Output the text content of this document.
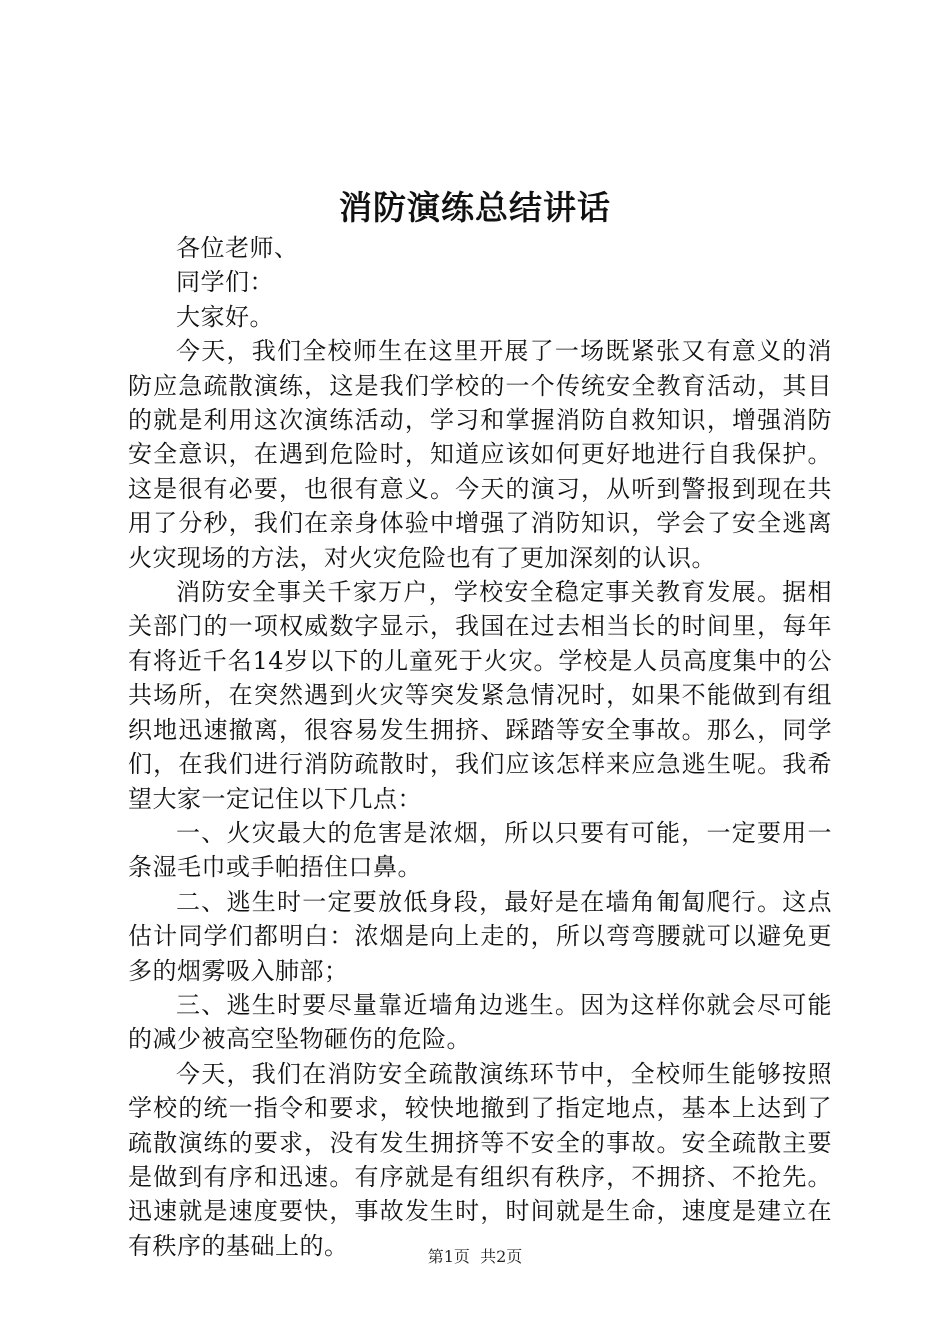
消防演练总结讲话

各位老师、

同学们：

大家好。

今天，我们全校师生在这里开展了一场既紧张又有意义的消防应急疏散演练，这是我们学校的一个传统安全教育活动，其目的就是利用这次演练活动，学习和掌握消防自救知识，增强消防安全意识，在遇到危险时，知道应该如何更好地进行自我保护。这是很有必要，也很有意义。今天的演习，从听到警报到现在共用了分秒，我们在亲身体验中增强了消防知识，学会了安全逃离火灾现场的方法，对火灾危险也有了更加深刻的认识。

消防安全事关千家万户，学校安全稳定事关教育发展。据相关部门的一项权威数字显示，我国在过去相当长的时间里，每年有将近千名14岁以下的儿童死于火灾。学校是人员高度集中的公共场所，在突然遇到火灾等突发紧急情况时，如果不能做到有组织地迅速撤离，很容易发生拥挤、踩踏等安全事故。那么，同学们，在我们进行消防疏散时，我们应该怎样来应急逃生呢。我希望大家一定记住以下几点：

一、火灾最大的危害是浓烟，所以只要有可能，一定要用一条湿毛巾或手帕捂住口鼻。

二、逃生时一定要放低身段，最好是在墙角匍匐爬行。这点估计同学们都明白：浓烟是向上走的，所以弯弯腰就可以避免更多的烟雾吸入肺部；

三、逃生时要尽量靠近墙角边逃生。因为这样你就会尽可能的减少被高空坠物砸伤的危险。

今天，我们在消防安全疏散演练环节中，全校师生能够按照学校的统一指令和要求，较快地撤到了指定地点，基本上达到了疏散演练的要求，没有发生拥挤等不安全的事故。安全疏散主要是做到有序和迅速。有序就是有组织有秩序，不拥挤、不抢先。迅速就是速度要快，事故发生时，时间就是生命，速度是建立在有秩序的基础上的。	第1页  共2页
